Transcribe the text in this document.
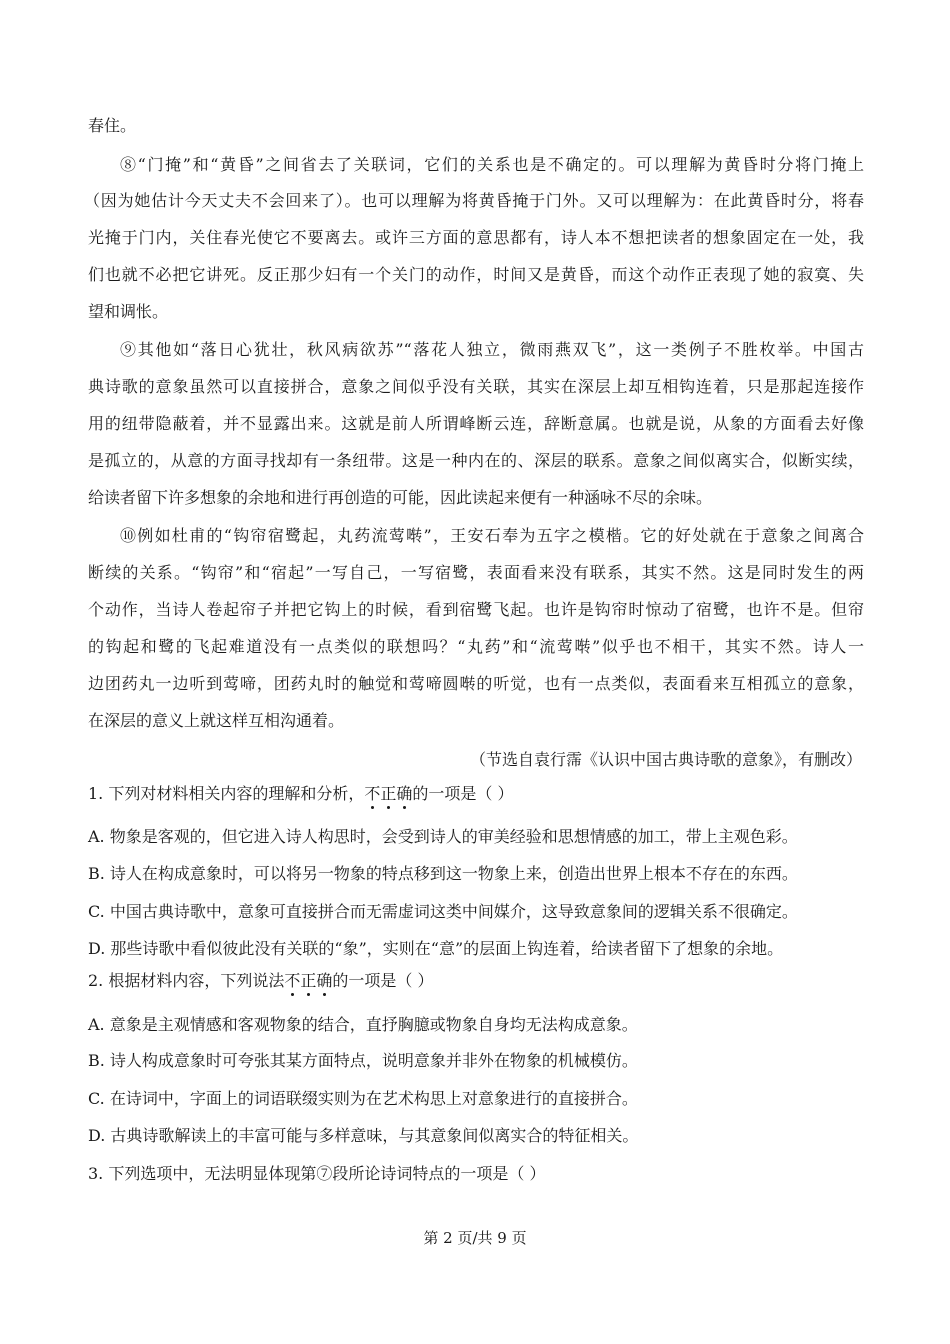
春住。
⑧“门掩”和“黄昏”之间省去了关联词，它们的关系也是不确定的。可以理解为黄昏时分将门掩上
（因为她估计今天丈夫不会回来了）。也可以理解为将黄昏掩于门外。又可以理解为：在此黄昏时分，将春
光掩于门内，关住春光使它不要离去。或许三方面的意思都有，诗人本不想把读者的想象固定在一处，我
们也就不必把它讲死。反正那少妇有一个关门的动作，时间又是黄昏，而这个动作正表现了她的寂寞、失
望和调怅。
⑨其他如“落日心犹壮，秋风病欲苏”“落花人独立，微雨燕双飞”，这一类例子不胜枚举。中国古
典诗歌的意象虽然可以直接拼合，意象之间似乎没有关联，其实在深层上却互相钩连着，只是那起连接作
用的纽带隐蔽着，并不显露出来。这就是前人所谓峰断云连，辞断意属。也就是说，从象的方面看去好像
是孤立的，从意的方面寻找却有一条纽带。这是一种内在的、深层的联系。意象之间似离实合，似断实续，
给读者留下许多想象的余地和进行再创造的可能，因此读起来便有一种涵咏不尽的余味。
⑩例如杜甫的“钩帘宿鹭起，丸药流莺啭”，王安石奉为五字之模楷。它的好处就在于意象之间离合
断续的关系。“钩帘”和“宿起”一写自己，一写宿鹭，表面看来没有联系，其实不然。这是同时发生的两
个动作，当诗人卷起帘子并把它钩上的时候，看到宿鹭飞起。也许是钩帘时惊动了宿鹭，也许不是。但帘
的钩起和鹭的飞起难道没有一点类似的联想吗？“丸药”和“流莺啭”似乎也不相干，其实不然。诗人一
边团药丸一边听到莺啼，团药丸时的触觉和莺啼圆啭的听觉，也有一点类似，表面看来互相孤立的意象，
在深层的意义上就这样互相沟通着。
（节选自袁行霈《认识中国古典诗歌的意象》，有删改）
1. 下列对材料相关内容的理解和分析，不正确的一项是（ ）
A. 物象是客观的，但它进入诗人构思时，会受到诗人的审美经验和思想情感的加工，带上主观色彩。
B. 诗人在构成意象时，可以将另一物象的特点移到这一物象上来，创造出世界上根本不存在的东西。
C. 中国古典诗歌中，意象可直接拼合而无需虚词这类中间媒介，这导致意象间的逻辑关系不很确定。
D. 那些诗歌中看似彼此没有关联的“象”，实则在“意”的层面上钩连着，给读者留下了想象的余地。
2. 根据材料内容，下列说法不正确的一项是（ ）
A. 意象是主观情感和客观物象的结合，直抒胸臆或物象自身均无法构成意象。
B. 诗人构成意象时可夸张其某方面特点，说明意象并非外在物象的机械模仿。
C. 在诗词中，字面上的词语联缀实则为在艺术构思上对意象进行的直接拼合。
D. 古典诗歌解读上的丰富可能与多样意味，与其意象间似离实合的特征相关。
3. 下列选项中，无法明显体现第⑦段所论诗词特点的一项是（ ）
第 2 页/共 9 页
